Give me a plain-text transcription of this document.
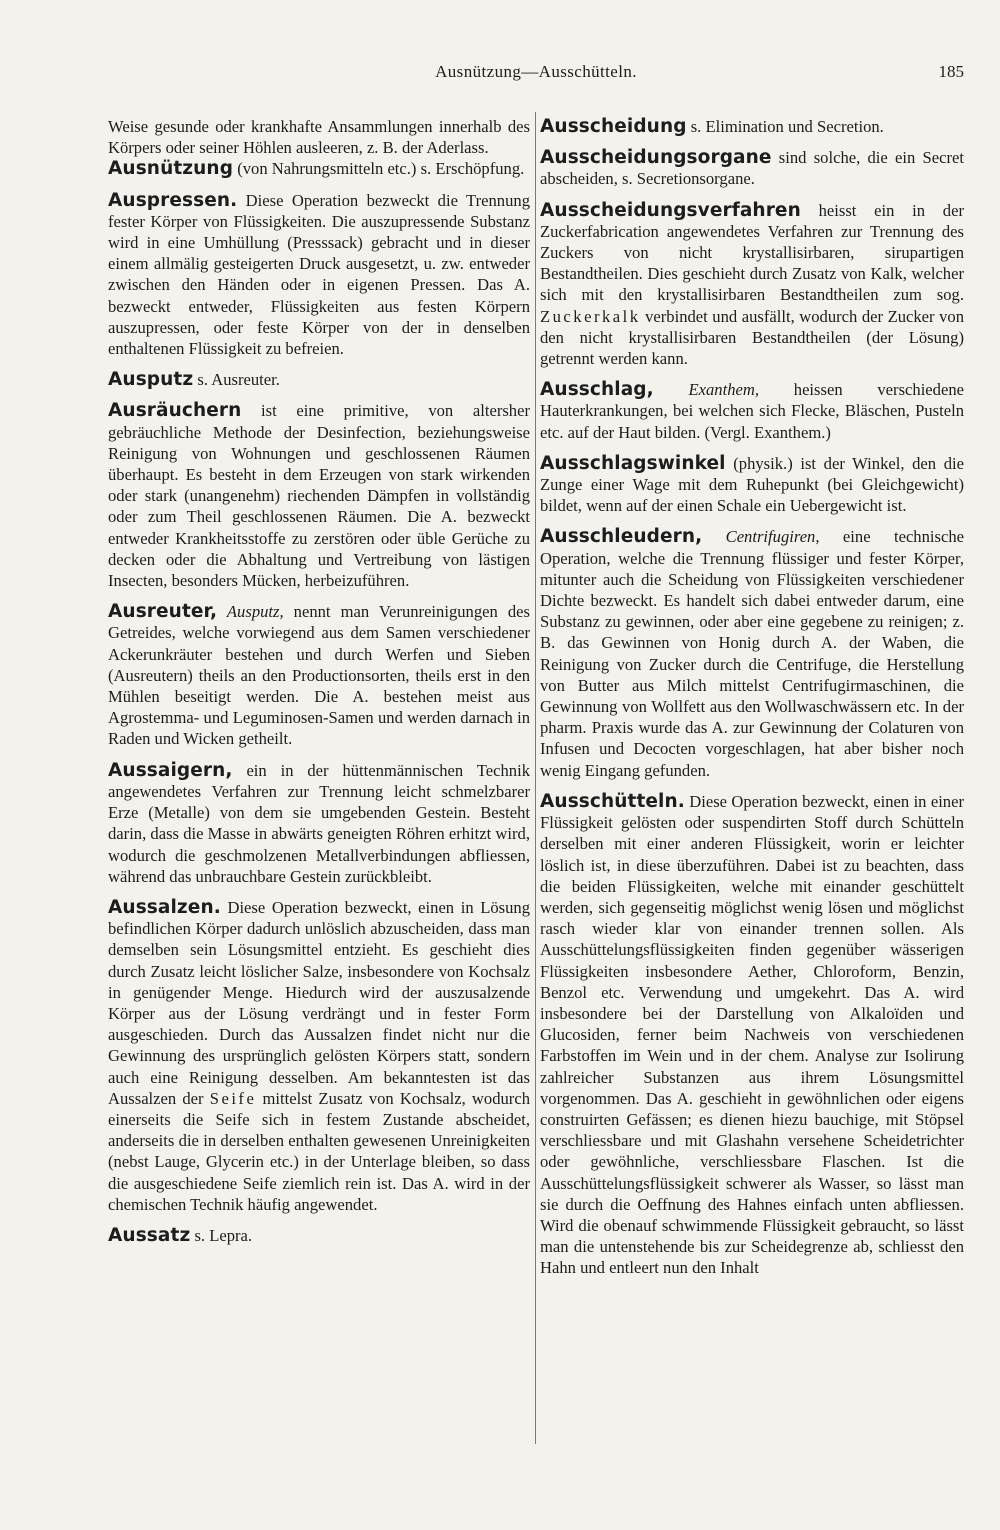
Ausnützung—Ausschütteln.	185

Weise gesunde oder krankhafte Ansammlungen innerhalb des Körpers oder seiner Höhlen ausleeren, z. B. der Aderlass.

Ausnützung (von Nahrungsmitteln etc.) s. Erschöpfung.

Auspressen. Diese Operation bezweckt die Trennung fester Körper von Flüssigkeiten. Die auszupressende Substanz wird in eine Umhüllung (Presssack) gebracht und in dieser einem allmälig gesteigerten Druck ausgesetzt, u. zw. entweder zwischen den Händen oder in eigenen Pressen. Das A. bezweckt entweder, Flüssigkeiten aus festen Körpern auszupressen, oder feste Körper von der in denselben enthaltenen Flüssigkeit zu befreien.

Ausputz s. Ausreuter.

Ausräuchern ist eine primitive, von altersher gebräuchliche Methode der Desinfection, beziehungsweise Reinigung von Wohnungen und geschlossenen Räumen überhaupt. Es besteht in dem Erzeugen von stark wirkenden oder stark (unangenehm) riechenden Dämpfen in vollständig oder zum Theil geschlossenen Räumen. Die A. bezweckt entweder Krankheitsstoffe zu zerstören oder üble Gerüche zu decken oder die Abhaltung und Vertreibung von lästigen Insecten, besonders Mücken, herbeizuführen.

Ausreuter, Ausputz, nennt man Verunreinigungen des Getreides, welche vorwiegend aus dem Samen verschiedener Ackerunkräuter bestehen und durch Werfen und Sieben (Ausreutern) theils an den Productionsorten, theils erst in den Mühlen beseitigt werden. Die A. bestehen meist aus Agrostemma- und Leguminosen-Samen und werden darnach in Raden und Wicken getheilt.

Aussaigern, ein in der hüttenmännischen Technik angewendetes Verfahren zur Trennung leicht schmelzbarer Erze (Metalle) von dem sie umgebenden Gestein. Besteht darin, dass die Masse in abwärts geneigten Röhren erhitzt wird, wodurch die geschmolzenen Metallverbindungen abfliessen, während das unbrauchbare Gestein zurückbleibt.

Aussalzen. Diese Operation bezweckt, einen in Lösung befindlichen Körper dadurch unlöslich abzuscheiden, dass man demselben sein Lösungsmittel entzieht. Es geschieht dies durch Zusatz leicht löslicher Salze, insbesondere von Kochsalz in genügender Menge. Hiedurch wird der auszusalzende Körper aus der Lösung verdrängt und in fester Form ausgeschieden. Durch das Aussalzen findet nicht nur die Gewinnung des ursprünglich gelösten Körpers statt, sondern auch eine Reinigung desselben. Am bekanntesten ist das Aussalzen der Seife mittelst Zusatz von Kochsalz, wodurch einerseits die Seife sich in festem Zustande abscheidet, anderseits die in derselben enthalten gewesenen Unreinigkeiten (nebst Lauge, Glycerin etc.) in der Unterlage bleiben, so dass die ausgeschiedene Seife ziemlich rein ist. Das A. wird in der chemischen Technik häufig angewendet.

Aussatz s. Lepra.

Ausscheidung s. Elimination und Secretion.

Ausscheidungsorgane sind solche, die ein Secret abscheiden, s. Secretionsorgane.

Ausscheidungsverfahren heisst ein in der Zuckerfabrication angewendetes Verfahren zur Trennung des Zuckers von nicht krystallisirbaren, sirupartigen Bestandtheilen. Dies geschieht durch Zusatz von Kalk, welcher sich mit den krystallisirbaren Bestandtheilen zum sog. Zuckerkalk verbindet und ausfällt, wodurch der Zucker von den nicht krystallisirbaren Bestandtheilen (der Lösung) getrennt werden kann.

Ausschlag, Exanthem, heissen verschiedene Hauterkrankungen, bei welchen sich Flecke, Bläschen, Pusteln etc. auf der Haut bilden. (Vergl. Exanthem.)

Ausschlagswinkel (physik.) ist der Winkel, den die Zunge einer Wage mit dem Ruhepunkt (bei Gleichgewicht) bildet, wenn auf der einen Schale ein Uebergewicht ist.

Ausschleudern, Centrifugiren, eine technische Operation, welche die Trennung flüssiger und fester Körper, mitunter auch die Scheidung von Flüssigkeiten verschiedener Dichte bezweckt. Es handelt sich dabei entweder darum, eine Substanz zu gewinnen, oder aber eine gegebene zu reinigen; z. B. das Gewinnen von Honig durch A. der Waben, die Reinigung von Zucker durch die Centrifuge, die Herstellung von Butter aus Milch mittelst Centrifugirmaschinen, die Gewinnung von Wollfett aus den Wollwaschwässern etc. In der pharm. Praxis wurde das A. zur Gewinnung der Colaturen von Infusen und Decocten vorgeschlagen, hat aber bisher noch wenig Eingang gefunden.

Ausschütteln. Diese Operation bezweckt, einen in einer Flüssigkeit gelösten oder suspendirten Stoff durch Schütteln derselben mit einer anderen Flüssigkeit, worin er leichter löslich ist, in diese überzuführen. Dabei ist zu beachten, dass die beiden Flüssigkeiten, welche mit einander geschüttelt werden, sich gegenseitig möglichst wenig lösen und möglichst rasch wieder klar von einander trennen sollen. Als Ausschüttelungsflüssigkeiten finden gegenüber wässerigen Flüssigkeiten insbesondere Aether, Chloroform, Benzin, Benzol etc. Verwendung und umgekehrt. Das A. wird insbesondere bei der Darstellung von Alkaloïden und Glucosiden, ferner beim Nachweis von verschiedenen Farbstoffen im Wein und in der chem. Analyse zur Isolirung zahlreicher Substanzen aus ihrem Lösungsmittel vorgenommen. Das A. geschieht in gewöhnlichen oder eigens construirten Gefässen; es dienen hiezu bauchige, mit Stöpsel verschliessbare und mit Glashahn versehene Scheidetrichter oder gewöhnliche, verschliessbare Flaschen. Ist die Ausschüttelungsflüssigkeit schwerer als Wasser, so lässt man sie durch die Oeffnung des Hahnes einfach unten abfliessen. Wird die obenauf schwimmende Flüssigkeit gebraucht, so lässt man die untenstehende bis zur Scheidegrenze ab, schliesst den Hahn und entleert nun den Inhalt
